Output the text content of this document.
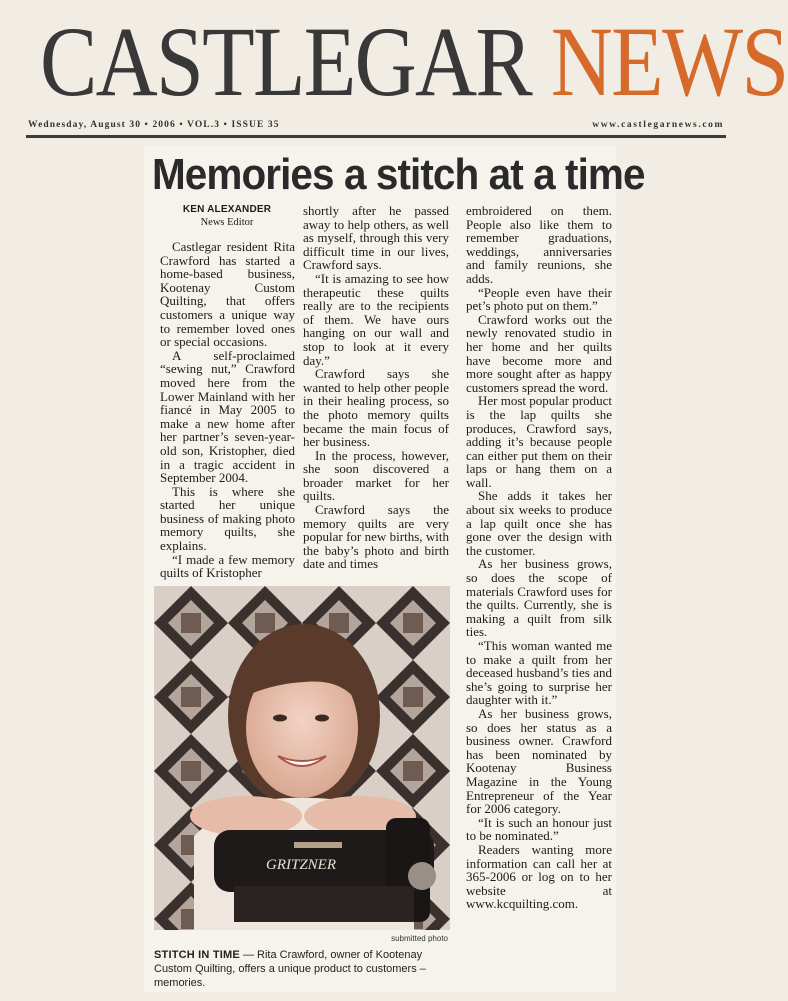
CASTLEGAR NEWS
Wednesday, August 30 • 2006 • VOL.3 • ISSUE 35	www.castlegarnews.com
Memories a stitch at a time
KEN ALEXANDER
News Editor

Castlegar resident Rita Crawford has started a home-based business, Kootenay Custom Quilting, that offers customers a unique way to remember loved ones or special occasions.

A self-proclaimed “sewing nut,” Crawford moved here from the Lower Mainland with her fiancé in May 2005 to make a new home after her partner’s seven-year-old son, Kristopher, died in a tragic accident in September 2004.

This is where she started her unique business of making photo memory quilts, she explains.

“I made a few memory quilts of Kristopher

shortly after he passed away to help others, as well as myself, through this very difficult time in our lives, Crawford says.

“It is amazing to see how therapeutic these quilts really are to the recipients of them. We have ours hanging on our wall and stop to look at it every day.”

Crawford says she wanted to help other people in their healing process, so the photo memory quilts became the main focus of her business.

In the process, however, she soon discovered a broader market for her quilts.

Crawford says the memory quilts are very popular for new births, with the baby’s photo and birth date and times

embroidered on them. People also like them to remember graduations, weddings, anniversaries and family reunions, she adds.

“People even have their pet’s photo put on them.”

Crawford works out the newly renovated studio in her home and her quilts have become more and more sought after as happy customers spread the word.

Her most popular product is the lap quilts she produces, Crawford says, adding it’s because people can either put them on their laps or hang them on a wall.

She adds it takes her about six weeks to produce a lap quilt once she has gone over the design with the customer.

As her business grows, so does the scope of materials Crawford uses for the quilts. Currently, she is making a quilt from silk ties.

“This woman wanted me to make a quilt from her deceased husband’s ties and she’s going to surprise her daughter with it.”

As her business grows, so does her status as a business owner. Crawford has been nominated by Kootenay Business Magazine in the Young Entrepreneur of the Year for 2006 category.

“It is such an honour just to be nominated.”

Readers wanting more information can call her at 365-2006 or log on to her website at www.kcquilting.com.

GRITZNER
submitted photo
STITCH IN TIME — Rita Crawford, owner of Kootenay Custom Quilting, offers a unique product to customers – memories.
